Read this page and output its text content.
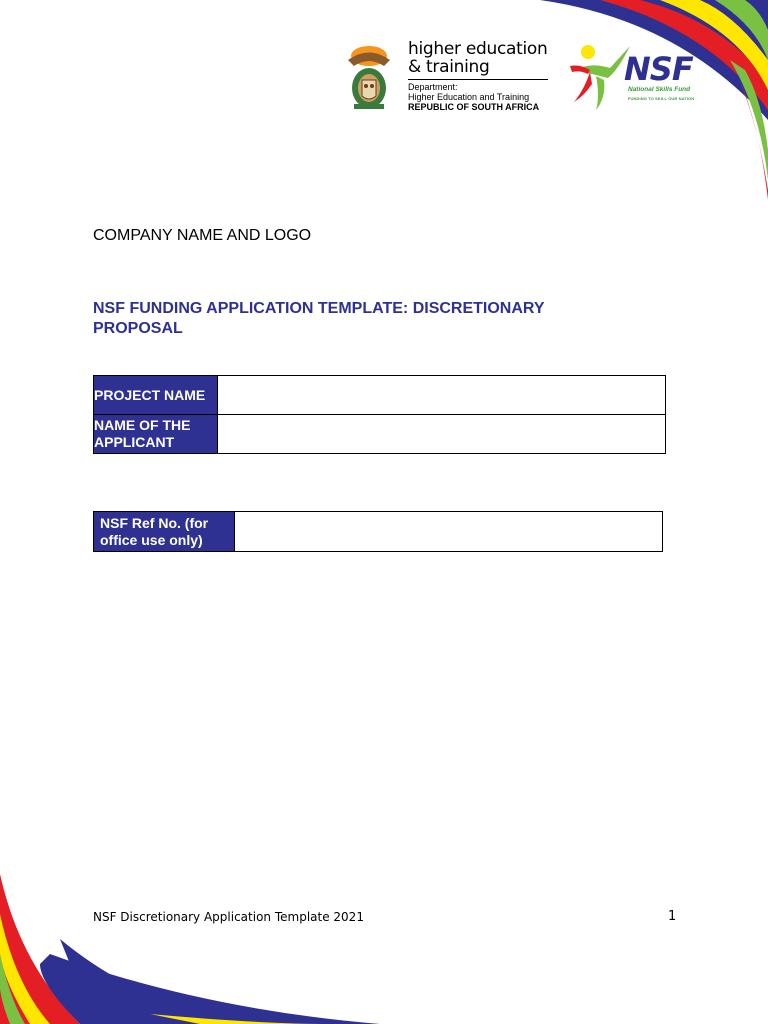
higher education
& training
Department:
Higher Education and Training
REPUBLIC OF SOUTH AFRICA
NSF
National Skills Fund
FUNDING TO SKILL OUR NATION
COMPANY NAME AND LOGO
NSF FUNDING APPLICATION TEMPLATE: DISCRETIONARY PROPOSAL
PROJECT NAME	
NAME OF THE APPLICANT	
NSF Ref No. (for office use only)	
NSF Discretionary Application Template 2021	1
